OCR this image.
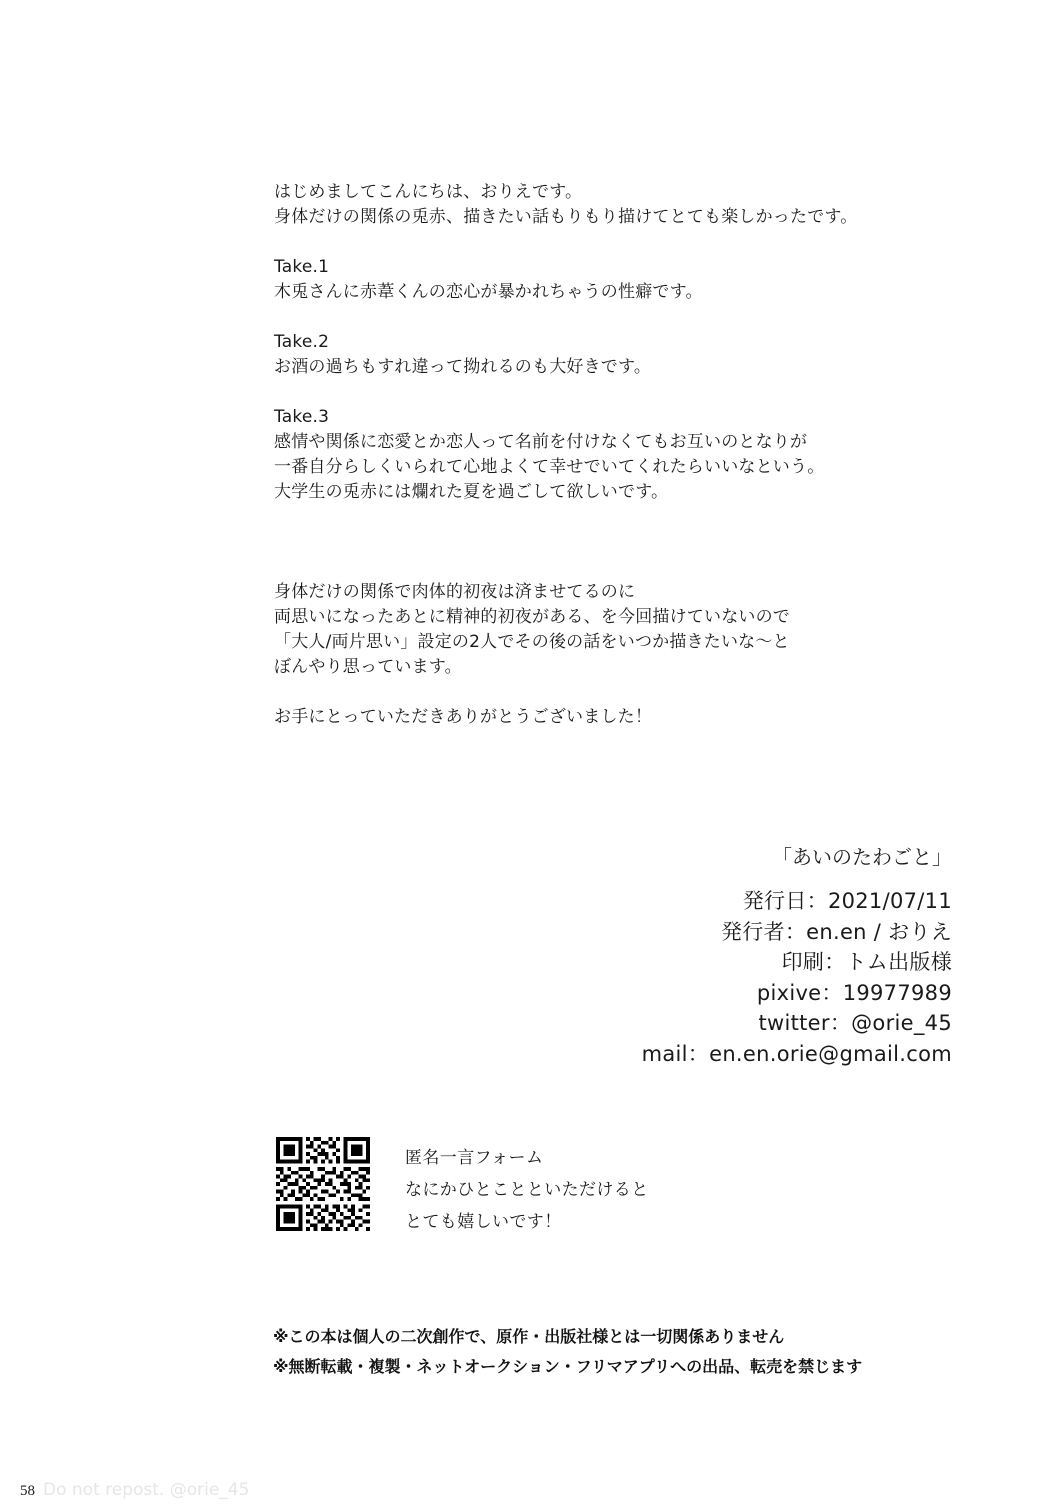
はじめましてこんにちは、おりえです。
身体だけの関係の兎赤、描きたい話もりもり描けてとても楽しかったです。
Take.1
木兎さんに赤葦くんの恋心が暴かれちゃうの性癖です。
Take.2
お酒の過ちもすれ違って拗れるのも大好きです。
Take.3
感情や関係に恋愛とか恋人って名前を付けなくてもお互いのとなりが
一番自分らしくいられて心地よくて幸せでいてくれたらいいなという。
大学生の兎赤には爛れた夏を過ごして欲しいです。
身体だけの関係で肉体的初夜は済ませてるのに
両思いになったあとに精神的初夜がある、を今回描けていないので
「大人/両片思い」設定の2人でその後の話をいつか描きたいな〜と
ぼんやり思っています。
お手にとっていただきありがとうございました！
「あいのたわごと」
発行日：2021/07/11
発行者：en.en / おりえ
印刷：トム出版様
pixive：19977989
twitter：@orie_45
mail：en.en.orie@gmail.com
匿名一言フォーム
なにかひとことといただけると
とても嬉しいです！
※この本は個人の二次創作で、原作・出版社様とは一切関係ありません
※無断転載・複製・ネットオークション・フリマアプリへの出品、転売を禁じます
58 Do not repost. @orie_45
